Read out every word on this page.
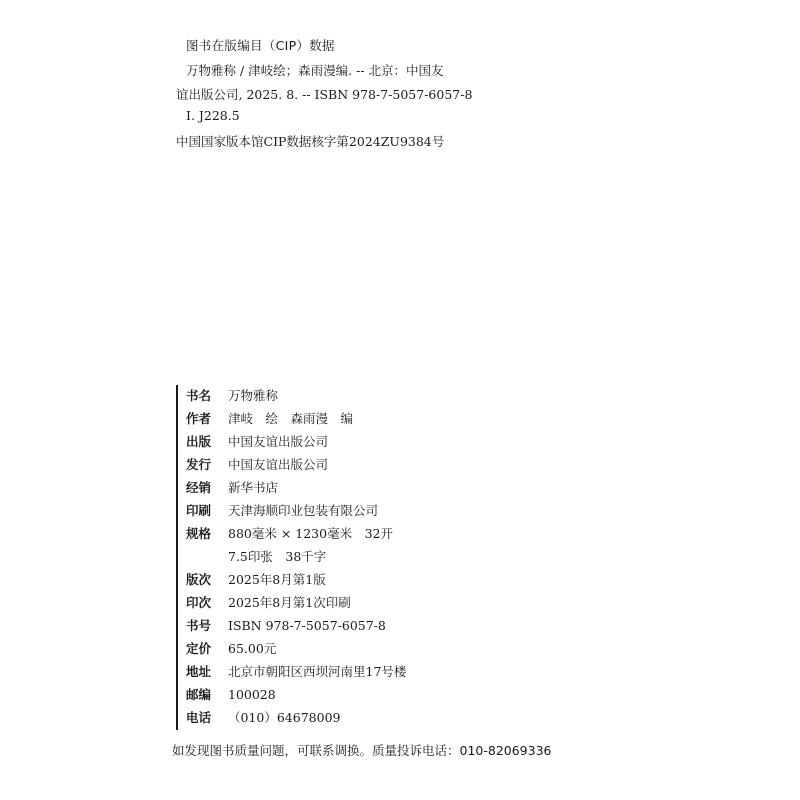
图书在版编目（CIP）数据
万物雅称 / 津岐绘；森雨漫编. -- 北京：中国友
谊出版公司, 2025. 8. -- ISBN 978-7-5057-6057-8
Ⅰ. J228.5
中国国家版本馆CIP数据核字第2024ZU9384号
书名 万物雅称
作者 津岐　绘　森雨漫　编
出版 中国友谊出版公司
发行 中国友谊出版公司
经销 新华书店
印刷 天津海顺印业包装有限公司
规格 880毫米 × 1230毫米　32开
7.5印张　38千字
版次 2025年8月第1版
印次 2025年8月第1次印刷
书号 ISBN 978-7-5057-6057-8
定价 65.00元
地址 北京市朝阳区西坝河南里17号楼
邮编 100028
电话 （010）64678009
如发现图书质量问题，可联系调换。质量投诉电话：010-82069336
